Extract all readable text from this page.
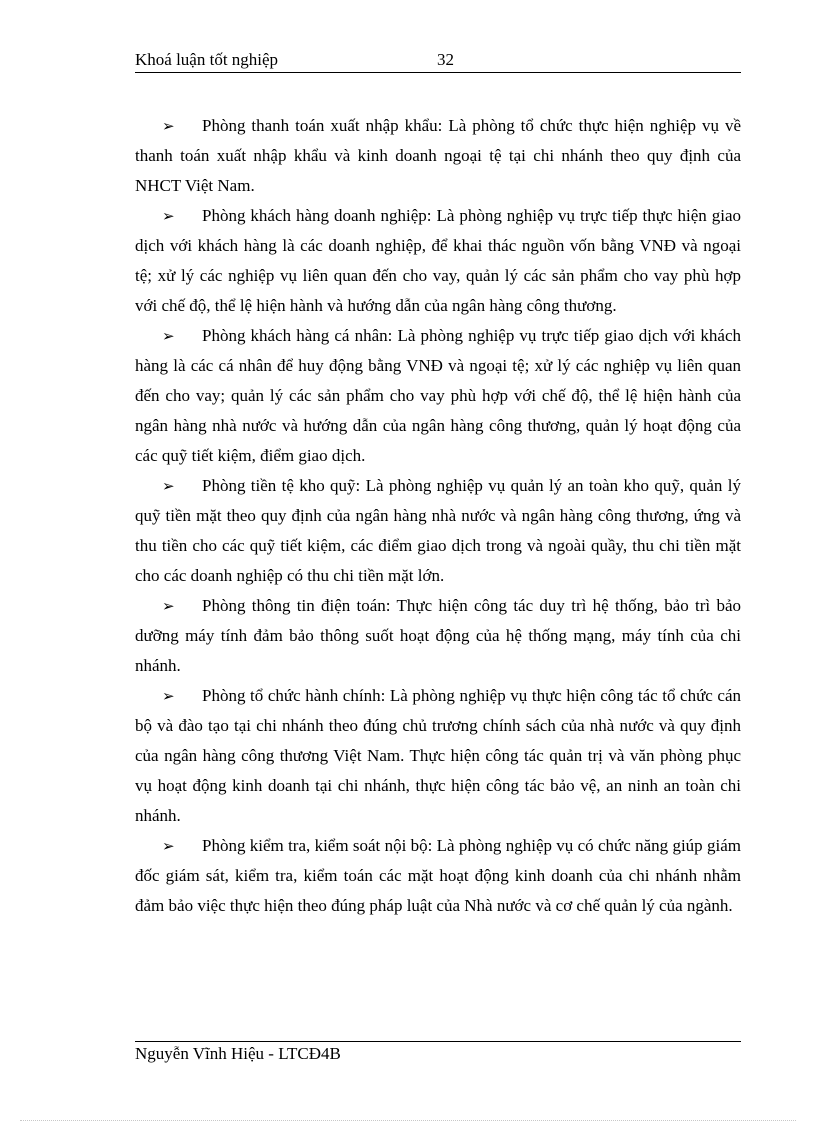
Khoá luận tốt nghiệp	32

➢ Phòng thanh toán xuất nhập khẩu: Là phòng tổ chức thực hiện nghiệp vụ về thanh toán xuất nhập khẩu và kinh doanh ngoại tệ tại chi nhánh theo quy định của NHCT Việt Nam.

➢ Phòng khách hàng doanh nghiệp: Là phòng nghiệp vụ trực tiếp thực hiện giao dịch với khách hàng là các doanh nghiệp, để khai thác nguồn vốn bằng VNĐ và ngoại tệ; xử lý các nghiệp vụ liên quan đến cho vay, quản lý các sản phẩm cho vay phù hợp với chế độ, thể lệ hiện hành và hướng dẫn của ngân hàng công thương.

➢ Phòng khách hàng cá nhân: Là phòng nghiệp vụ trực tiếp giao dịch với khách hàng là các cá nhân để huy động bằng VNĐ và ngoại tệ; xử lý các nghiệp vụ liên quan đến cho vay; quản lý các sản phẩm cho vay phù hợp với chế độ, thể lệ hiện hành của ngân hàng nhà nước và hướng dẫn của ngân hàng công thương, quản lý hoạt động của các quỹ tiết kiệm, điểm giao dịch.

➢ Phòng tiền tệ kho quỹ: Là phòng nghiệp vụ quản lý an toàn kho quỹ, quản lý quỹ tiền mặt theo quy định của ngân hàng nhà nước và ngân hàng công thương, ứng và thu tiền cho các quỹ tiết kiệm, các điểm giao dịch trong và ngoài quầy, thu chi tiền mặt cho các doanh nghiệp có thu chi tiền mặt lớn.

➢ Phòng thông tin điện toán: Thực hiện công tác duy trì hệ thống, bảo trì bảo dưỡng máy tính đảm bảo thông suốt hoạt động của hệ thống mạng, máy tính của chi nhánh.

➢ Phòng tổ chức hành chính: Là phòng nghiệp vụ thực hiện công tác tổ chức cán bộ và đào tạo tại chi nhánh theo đúng chủ trương chính sách của nhà nước và quy định của ngân hàng công thương Việt Nam. Thực hiện công tác quản trị và văn phòng phục vụ hoạt động kinh doanh tại chi nhánh, thực hiện công tác bảo vệ, an ninh an toàn chi nhánh.

➢ Phòng kiểm tra, kiểm soát nội bộ: Là phòng nghiệp vụ có chức năng giúp giám đốc giám sát, kiểm tra, kiểm toán các mặt hoạt động kinh doanh của chi nhánh nhằm đảm bảo việc thực hiện theo đúng pháp luật của Nhà nước và cơ chế quản lý của ngành.

Nguyễn Vĩnh Hiệu - LTCĐ4B
